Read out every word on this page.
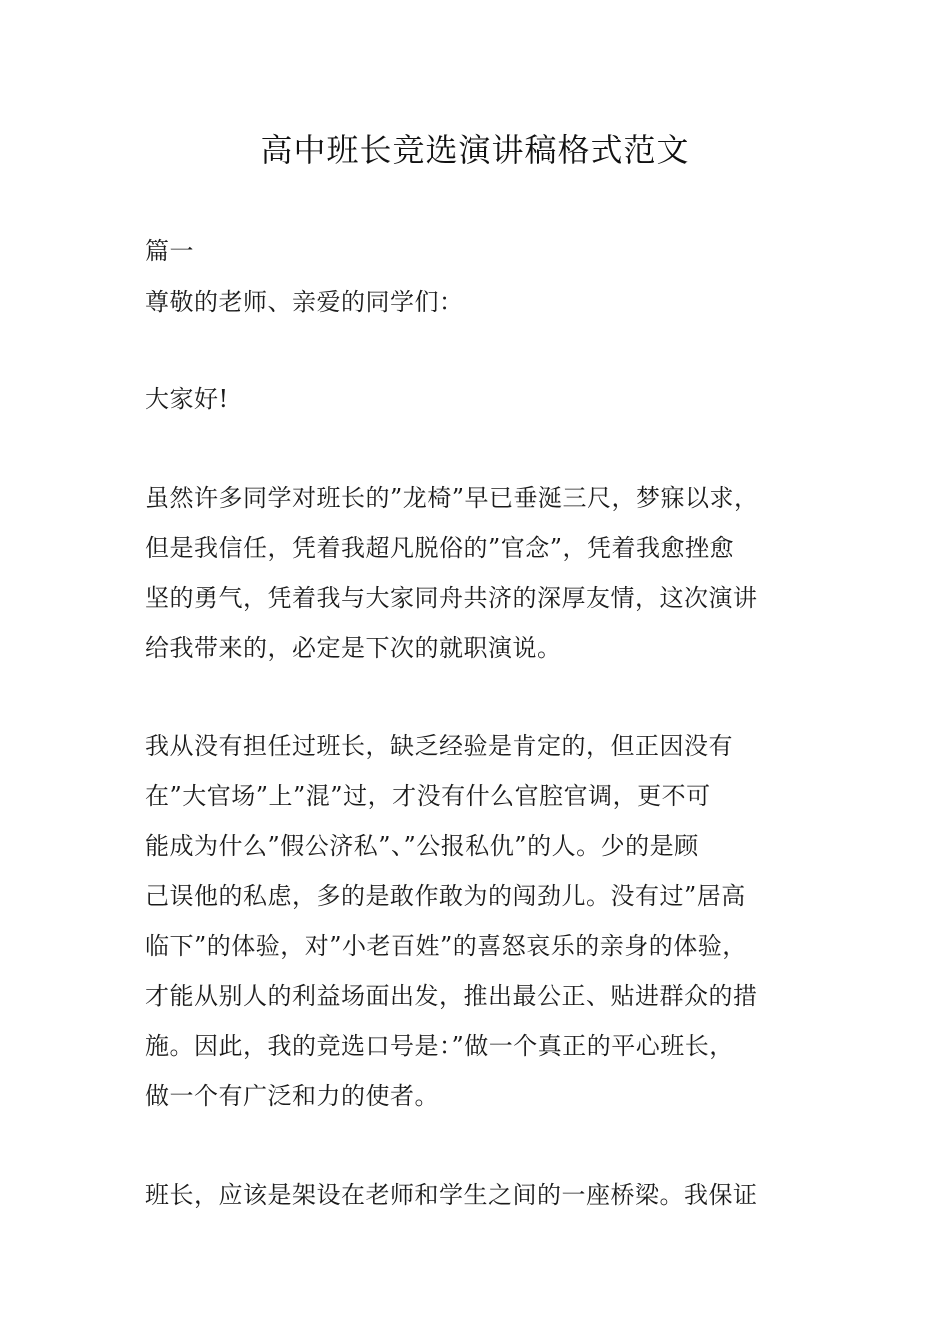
高中班长竞选演讲稿格式范文

篇一

尊敬的老师、亲爱的同学们：

大家好!

虽然许多同学对班长的”龙椅”早已垂涎三尺，梦寐以求，

但是我信任，凭着我超凡脱俗的”官念”，凭着我愈挫愈

坚的勇气，凭着我与大家同舟共济的深厚友情，这次演讲

给我带来的，必定是下次的就职演说。

我从没有担任过班长，缺乏经验是肯定的，但正因没有

在”大官场”上”混”过，才没有什么官腔官调，更不可

能成为什么”假公济私”、”公报私仇”的人。少的是顾

己误他的私虑，多的是敢作敢为的闯劲儿。没有过”居高

临下”的体验，对”小老百姓”的喜怒哀乐的亲身的体验，

才能从别人的利益场面出发，推出最公正、贴进群众的措

施。因此，我的竞选口号是：”做一个真正的平心班长，

做一个有广泛和力的使者。

班长，应该是架设在老师和学生之间的一座桥梁。我保证
